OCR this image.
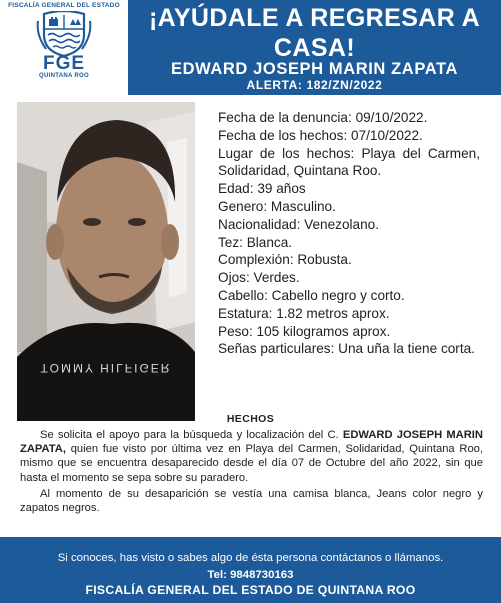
FISCALÍA GENERAL DEL ESTADO
FGE
QUINTANA ROO
¡AYÚDALE A REGRESAR A CASA!
EDWARD JOSEPH MARIN ZAPATA
ALERTA: 182/ZN/2022
TOMMY HILFIGER
Fecha de la denuncia: 09/10/2022.
Fecha de los hechos: 07/10/2022.
Lugar de los hechos: Playa del Carmen, Solidaridad, Quintana Roo.
Edad: 39 años
Genero: Masculino.
Nacionalidad: Venezolano.
Tez: Blanca.
Complexión: Robusta.
Ojos: Verdes.
Cabello: Cabello negro y corto.
Estatura: 1.82 metros aprox.
Peso: 105 kilogramos aprox.
Señas particulares: Una uña la tiene corta.
HECHOS

Se solicita el apoyo para la búsqueda y localización del C. EDWARD JOSEPH MARIN ZAPATA, quien fue visto por última vez en Playa del Carmen, Solidaridad, Quintana Roo, mismo que se encuentra desaparecido desde el día 07 de Octubre del año 2022, sin que hasta el momento se sepa sobre su paradero.

Al momento de su desaparición se vestía una camisa blanca, Jeans color negro y zapatos negros.

Si conoces, has visto o sabes algo de ésta persona contáctanos o llámanos.
Tel: 9848730163
FISCALÍA GENERAL DEL ESTADO DE QUINTANA ROO
